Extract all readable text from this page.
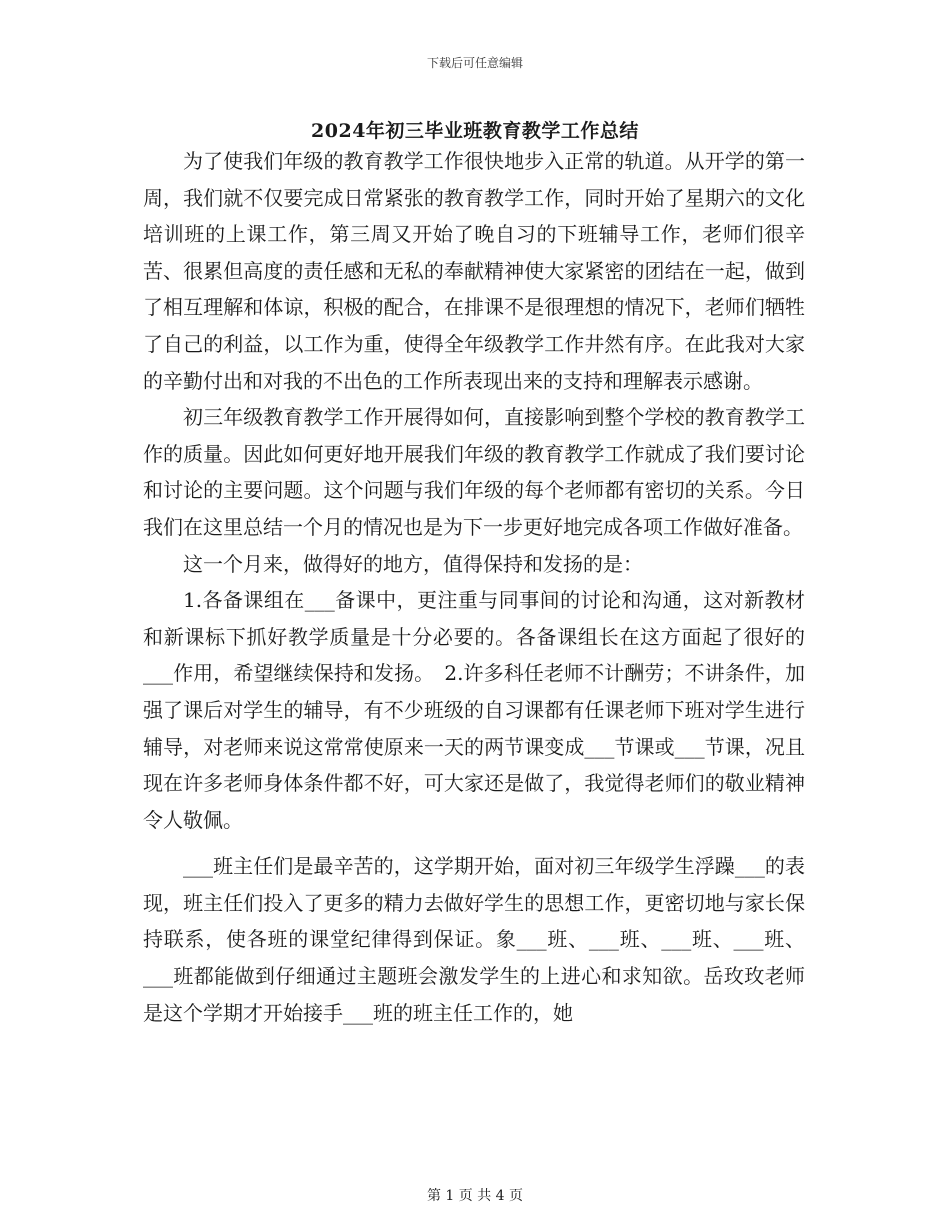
下载后可任意编辑
2024年初三毕业班教育教学工作总结

为了使我们年级的教育教学工作很快地步入正常的轨道。从开学的第一周，我们就不仅要完成日常紧张的教育教学工作，同时开始了星期六的文化培训班的上课工作，第三周又开始了晚自习的下班辅导工作，老师们很辛苦、很累但高度的责任感和无私的奉献精神使大家紧密的团结在一起，做到了相互理解和体谅，积极的配合，在排课不是很理想的情况下，老师们牺牲了自己的利益，以工作为重，使得全年级教学工作井然有序。在此我对大家的辛勤付出和对我的不出色的工作所表现出来的支持和理解表示感谢。

初三年级教育教学工作开展得如何，直接影响到整个学校的教育教学工作的质量。因此如何更好地开展我们年级的教育教学工作就成了我们要讨论和讨论的主要问题。这个问题与我们年级的每个老师都有密切的关系。今日我们在这里总结一个月的情况也是为下一步更好地完成各项工作做好准备。

这一个月来，做得好的地方，值得保持和发扬的是：

1.各备课组在___备课中，更注重与同事间的讨论和沟通，这对新教材和新课标下抓好教学质量是十分必要的。各备课组长在这方面起了很好的___作用，希望继续保持和发扬。　2.许多科任老师不计酬劳；不讲条件，加强了课后对学生的辅导，有不少班级的自习课都有任课老师下班对学生进行辅导，对老师来说这常常使原来一天的两节课变成___节课或___节课，况且现在许多老师身体条件都不好，可大家还是做了，我觉得老师们的敬业精神令人敬佩。

___班主任们是最辛苦的，这学期开始，面对初三年级学生浮躁___的表现，班主任们投入了更多的精力去做好学生的思想工作，更密切地与家长保持联系，使各班的课堂纪律得到保证。象___班、___班、___班、___班、___班都能做到仔细通过主题班会激发学生的上进心和求知欲。岳玫玫老师是这个学期才开始接手___班的班主任工作的，她

第 1 页 共 4 页
